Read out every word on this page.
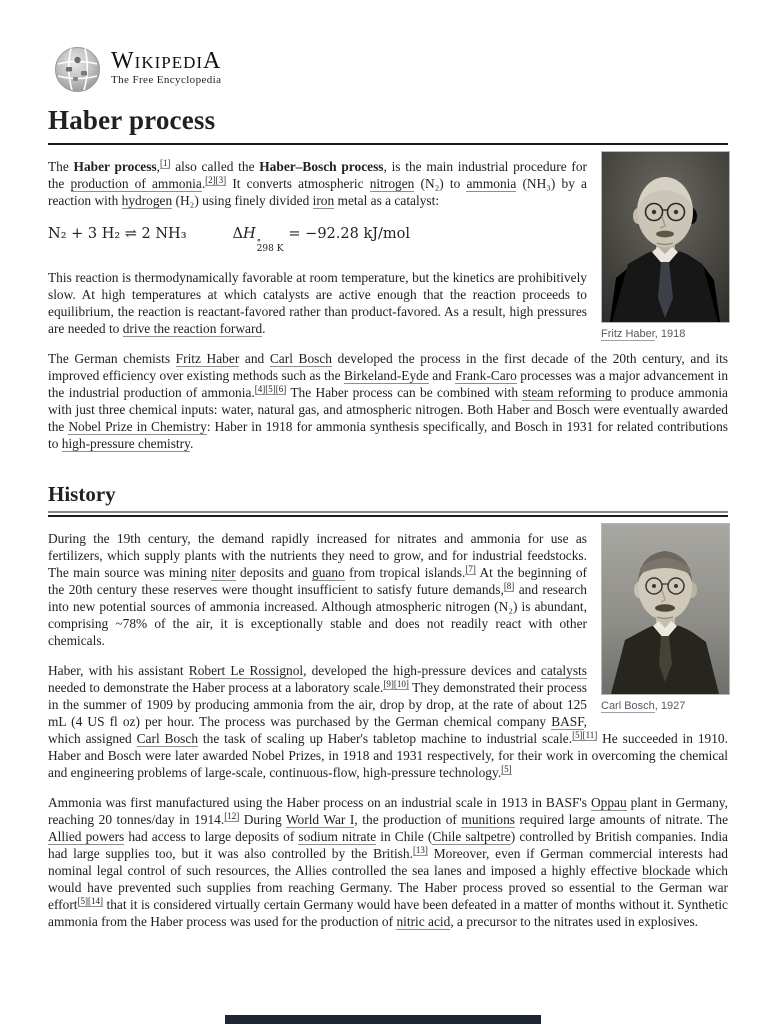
WikipediA
The Free Encyclopedia
Haber process
Fritz Haber, 1918

The Haber process,[1] also called the Haber–Bosch process, is the main industrial procedure for the production of ammonia.[2][3] It converts atmospheric nitrogen (N₂) to ammonia (NH₃) by a reaction with hydrogen (H₂) using finely divided iron metal as a catalyst:

N₂ + 3 H₂ ⇌ 2 NH₃	ΔH ∘
298 K
= −92.28 kJ/mol

This reaction is thermodynamically favorable at room temperature, but the kinetics are prohibitively slow. At high temperatures at which catalysts are active enough that the reaction proceeds to equilibrium, the reaction is reactant-favored rather than product-favored. As a result, high pressures are needed to drive the reaction forward.

The German chemists Fritz Haber and Carl Bosch developed the process in the first decade of the 20th century, and its improved efficiency over existing methods such as the Birkeland-Eyde and Frank-Caro processes was a major advancement in the industrial production of ammonia.[4][5][6] The Haber process can be combined with steam reforming to produce ammonia with just three chemical inputs: water, natural gas, and atmospheric nitrogen. Both Haber and Bosch were eventually awarded the Nobel Prize in Chemistry: Haber in 1918 for ammonia synthesis specifically, and Bosch in 1931 for related contributions to high-pressure chemistry.

History
Carl Bosch, 1927

During the 19th century, the demand rapidly increased for nitrates and ammonia for use as fertilizers, which supply plants with the nutrients they need to grow, and for industrial feedstocks. The main source was mining niter deposits and guano from tropical islands.[7] At the beginning of the 20th century these reserves were thought insufficient to satisfy future demands,[8] and research into new potential sources of ammonia increased. Although atmospheric nitrogen (N₂) is abundant, comprising ~78% of the air, it is exceptionally stable and does not readily react with other chemicals.

Haber, with his assistant Robert Le Rossignol, developed the high-pressure devices and catalysts needed to demonstrate the Haber process at a laboratory scale.[9][10] They demonstrated their process in the summer of 1909 by producing ammonia from the air, drop by drop, at the rate of about 125 mL (4 US fl oz) per hour. The process was purchased by the German chemical company BASF, which assigned Carl Bosch the task of scaling up Haber's tabletop machine to industrial scale.[5][11] He succeeded in 1910. Haber and Bosch were later awarded Nobel Prizes, in 1918 and 1931 respectively, for their work in overcoming the chemical and engineering problems of large-scale, continuous-flow, high-pressure technology.[5]

Ammonia was first manufactured using the Haber process on an industrial scale in 1913 in BASF's Oppau plant in Germany, reaching 20 tonnes/day in 1914.[12] During World War I, the production of munitions required large amounts of nitrate. The Allied powers had access to large deposits of sodium nitrate in Chile (Chile saltpetre) controlled by British companies. India had large supplies too, but it was also controlled by the British.[13] Moreover, even if German commercial interests had nominal legal control of such resources, the Allies controlled the sea lanes and imposed a highly effective blockade which would have prevented such supplies from reaching Germany. The Haber process proved so essential to the German war effort[5][14] that it is considered virtually certain Germany would have been defeated in a matter of months without it. Synthetic ammonia from the Haber process was used for the production of nitric acid, a precursor to the nitrates used in explosives.
